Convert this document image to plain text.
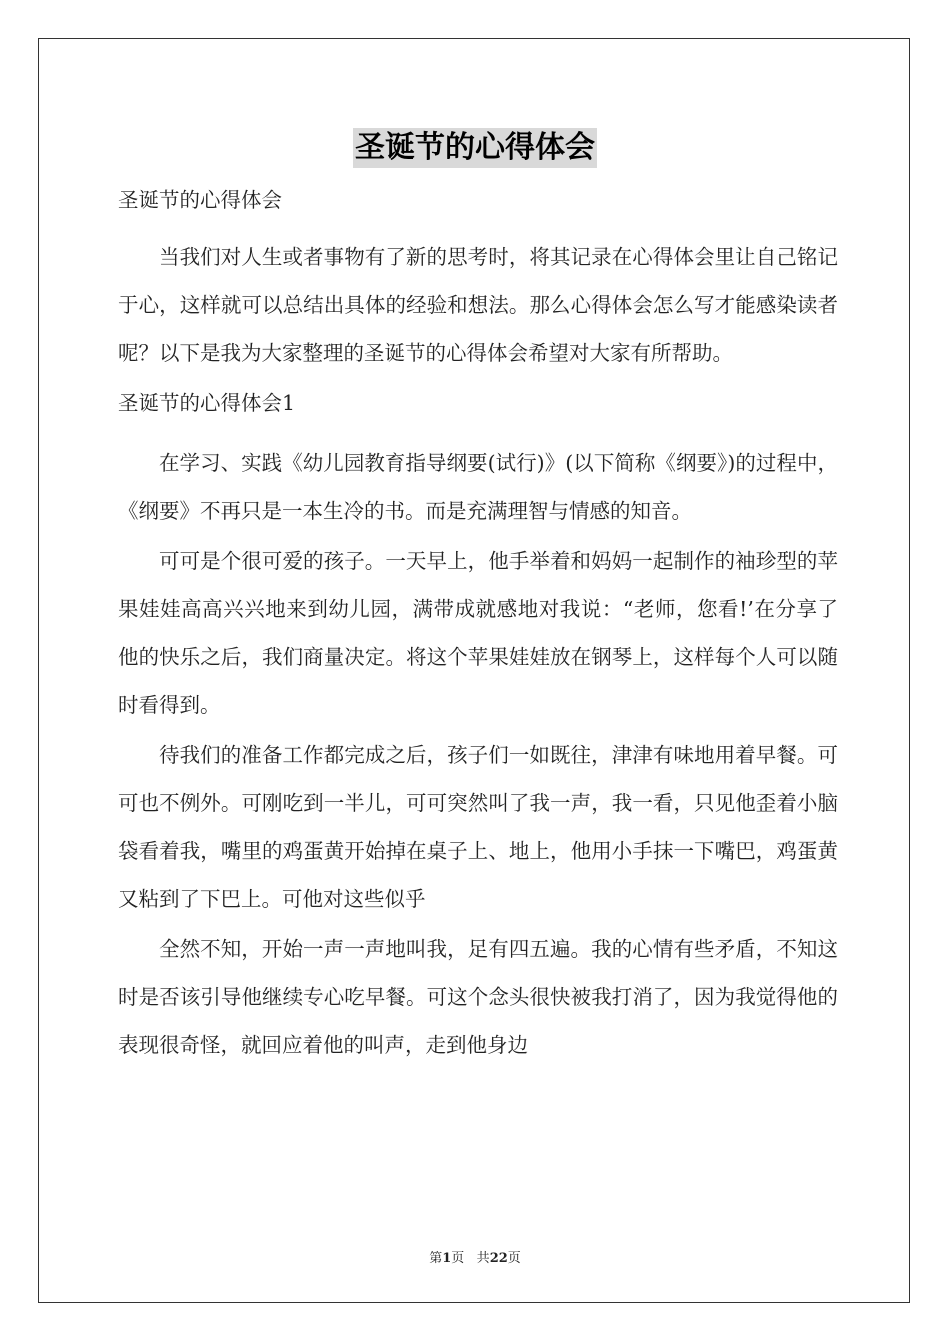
圣诞节的心得体会

圣诞节的心得体会

当我们对人生或者事物有了新的思考时，将其记录在心得体会里让自己铭记于心，这样就可以总结出具体的经验和想法。那么心得体会怎么写才能感染读者呢？以下是我为大家整理的圣诞节的心得体会希望对大家有所帮助。

圣诞节的心得体会1

在学习、实践《幼儿园教育指导纲要(试行)》(以下简称《纲要》)的过程中，《纲要》不再只是一本生冷的书。而是充满理智与情感的知音。

可可是个很可爱的孩子。一天早上，他手举着和妈妈一起制作的袖珍型的苹果娃娃高高兴兴地来到幼儿园，满带成就感地对我说：“老师，您看!’在分享了他的快乐之后，我们商量决定。将这个苹果娃娃放在钢琴上，这样每个人可以随时看得到。

待我们的准备工作都完成之后，孩子们一如既往，津津有味地用着早餐。可可也不例外。可刚吃到一半儿，可可突然叫了我一声，我一看，只见他歪着小脑袋看着我，嘴里的鸡蛋黄开始掉在桌子上、地上，他用小手抹一下嘴巴，鸡蛋黄又粘到了下巴上。可他对这些似乎

全然不知，开始一声一声地叫我，足有四五遍。我的心情有些矛盾，不知这时是否该引导他继续专心吃早餐。可这个念头很快被我打消了，因为我觉得他的表现很奇怪，就回应着他的叫声，走到他身边

第1页 共22页
